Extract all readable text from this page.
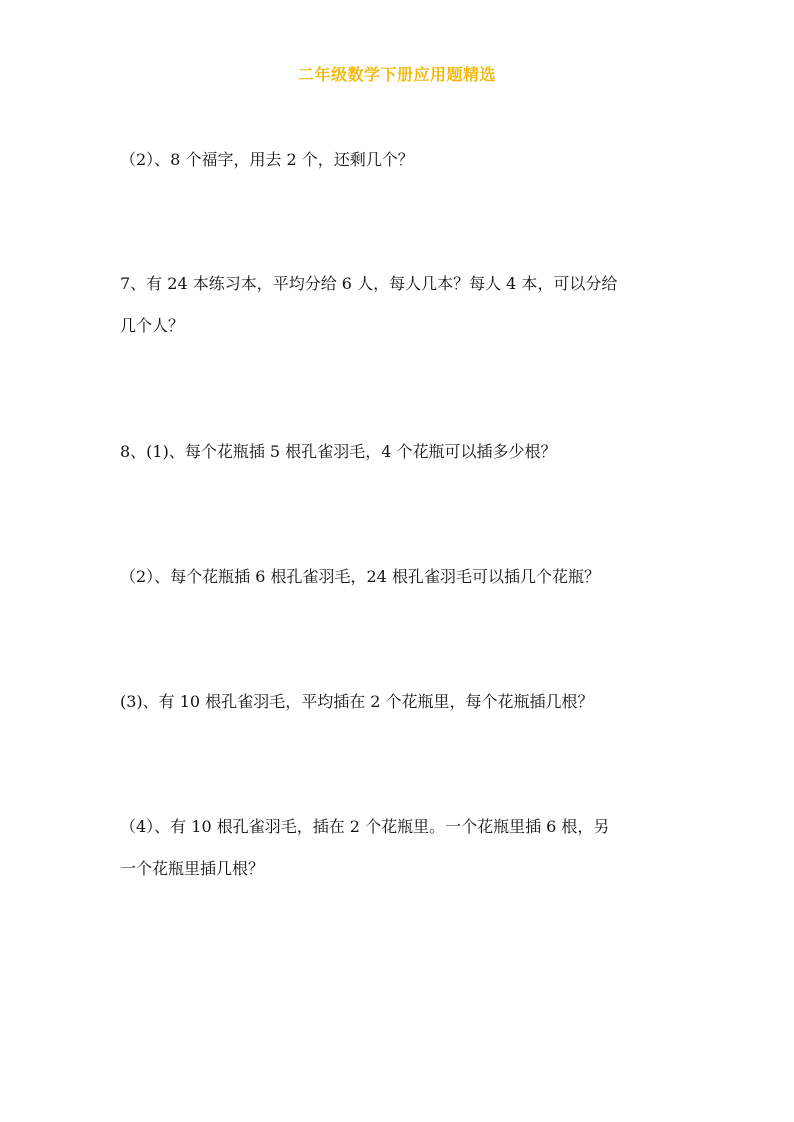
二年级数学下册应用题精选
（2）、8 个福字，用去 2 个，还剩几个？
7、有 24 本练习本，平均分给 6 人，每人几本？每人 4 本，可以分给
几个人？
8、(1)、每个花瓶插 5 根孔雀羽毛，4 个花瓶可以插多少根？
（2）、每个花瓶插 6 根孔雀羽毛，24 根孔雀羽毛可以插几个花瓶？
(3)、有 10 根孔雀羽毛，平均插在 2 个花瓶里，每个花瓶插几根？
（4）、有 10 根孔雀羽毛，插在 2 个花瓶里。一个花瓶里插 6 根，另
一个花瓶里插几根？
